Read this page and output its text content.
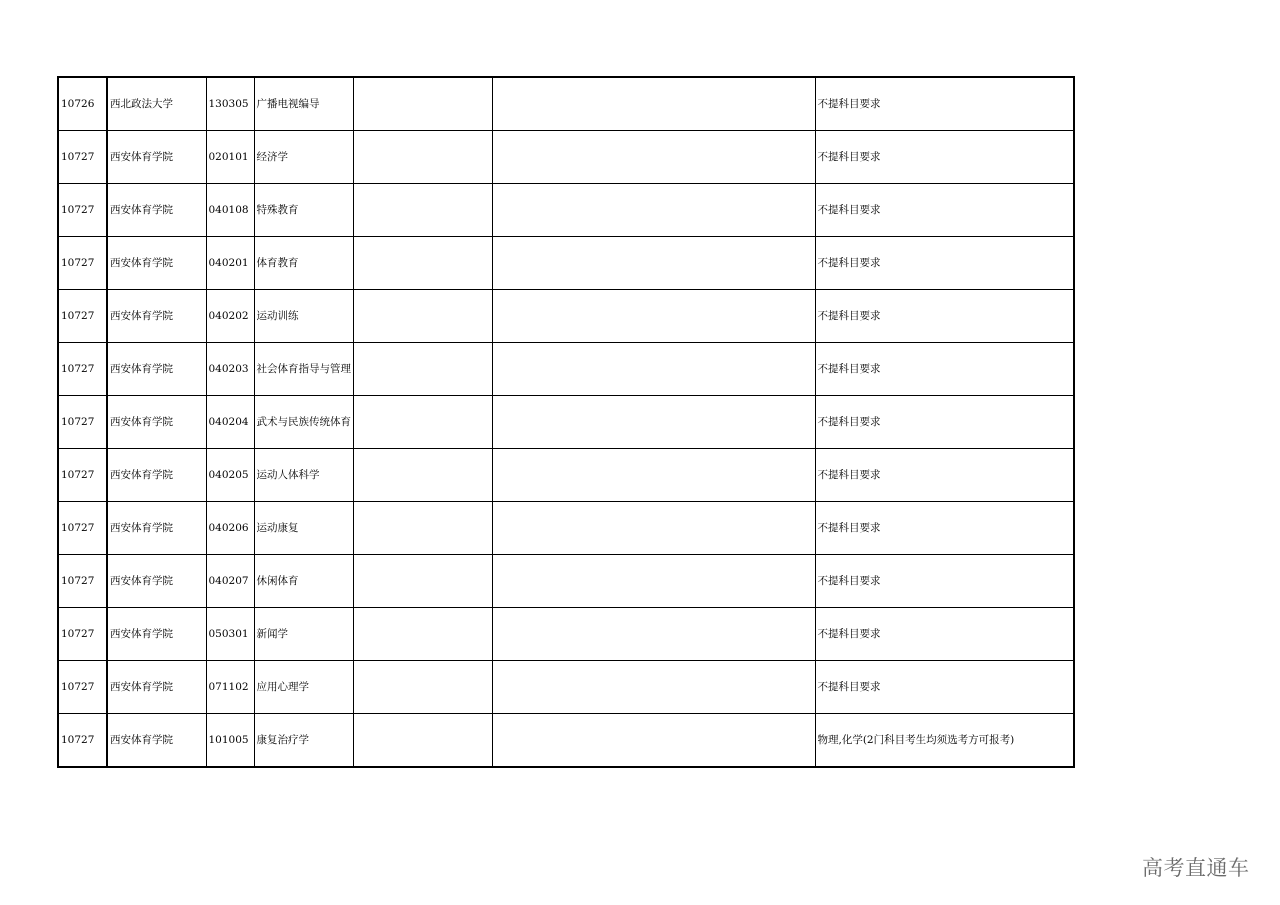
10726	西北政法大学	130305	广播电视编导			不提科目要求
10727	西安体育学院	020101	经济学			不提科目要求
10727	西安体育学院	040108	特殊教育			不提科目要求
10727	西安体育学院	040201	体育教育			不提科目要求
10727	西安体育学院	040202	运动训练			不提科目要求
10727	西安体育学院	040203	社会体育指导与管理			不提科目要求
10727	西安体育学院	040204	武术与民族传统体育			不提科目要求
10727	西安体育学院	040205	运动人体科学			不提科目要求
10727	西安体育学院	040206	运动康复			不提科目要求
10727	西安体育学院	040207	休闲体育			不提科目要求
10727	西安体育学院	050301	新闻学			不提科目要求
10727	西安体育学院	071102	应用心理学			不提科目要求
10727	西安体育学院	101005	康复治疗学			物理,化学(2门科目考生均须选考方可报考)
高考直通车
